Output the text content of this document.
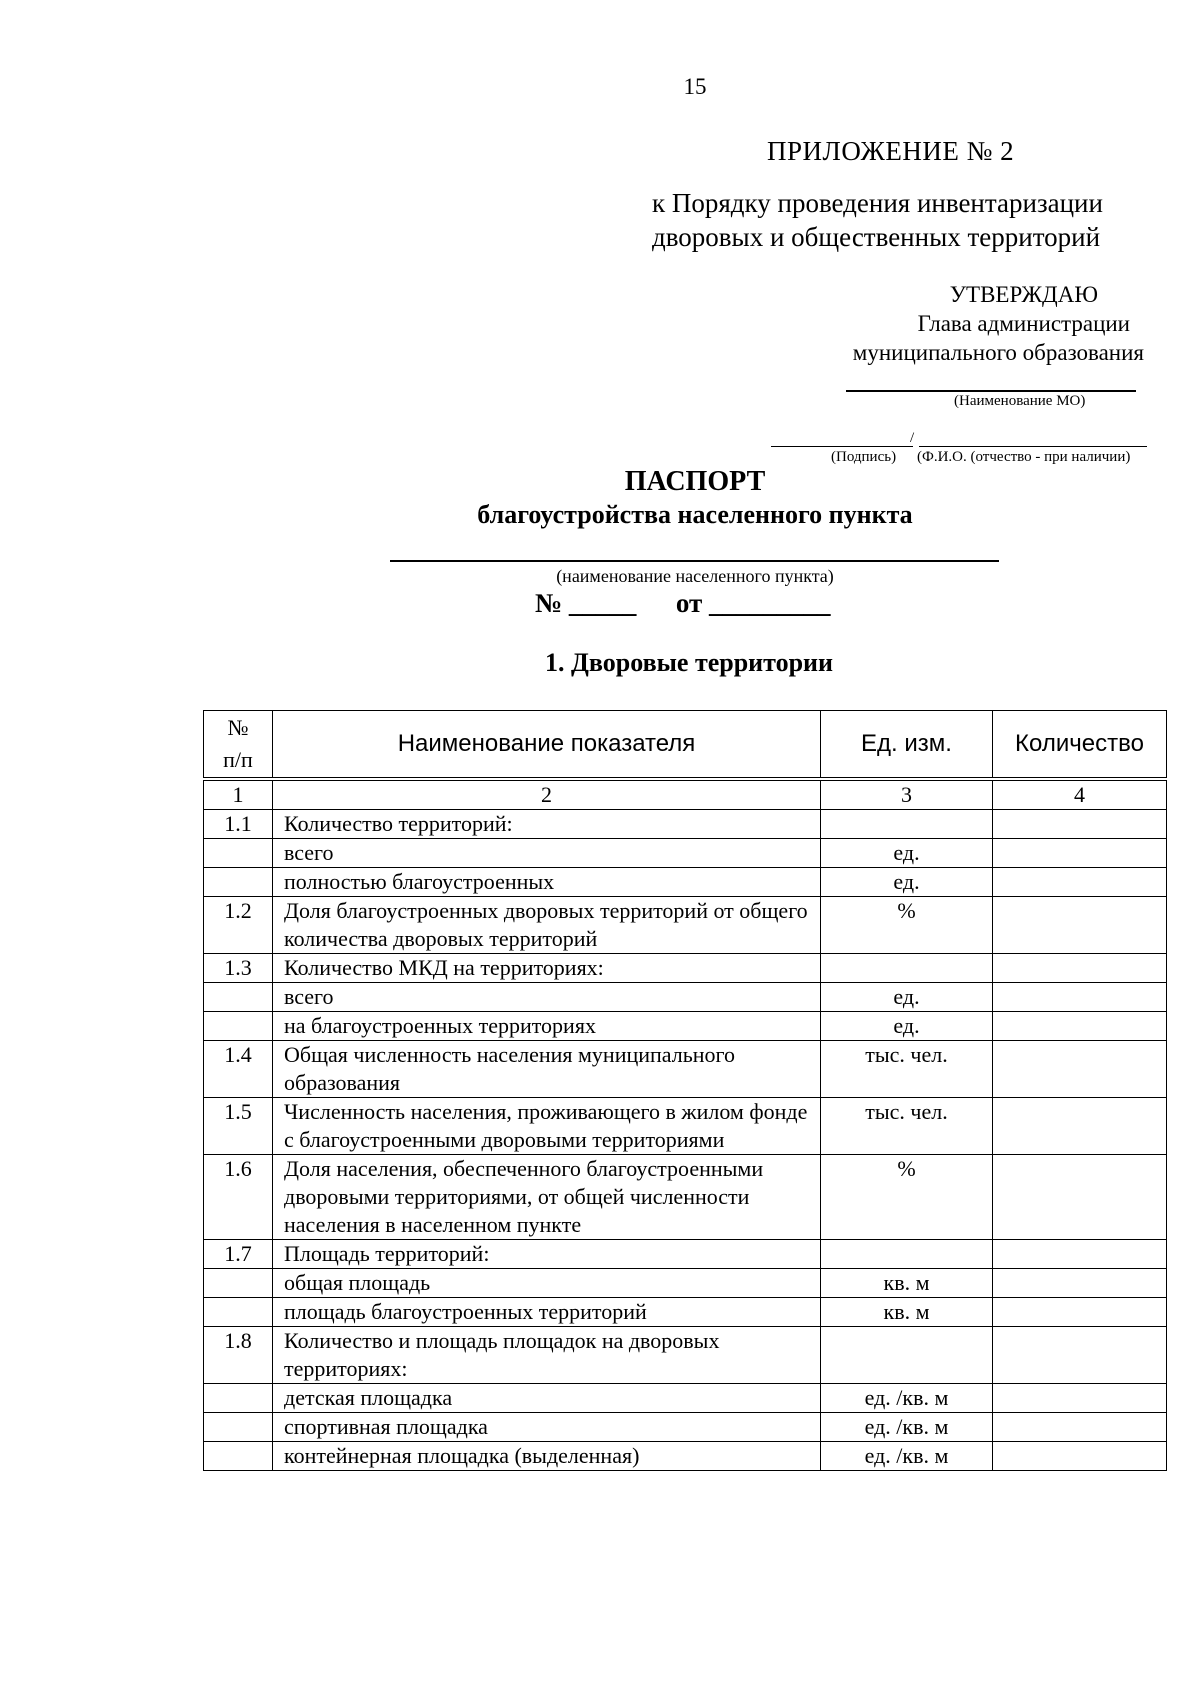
15
ПРИЛОЖЕНИЕ № 2
к Порядку проведения инвентаризации
дворовых и общественных территорий
УТВЕРЖДАЮ
Глава администрации
муниципального образования
(Наименование МО)
/
(Подпись) (Ф.И.О. (отчество - при наличии)
ПАСПОРТ
благоустройства населенного пункта
(наименование населенного пункта)
№ _____ от _________
1. Дворовые территории
№
п/п	Наименование показателя	Ед. изм.	Количество
1	2	3	4
1.1	Количество территорий:		
	всего	ед.	
	полностью благоустроенных	ед.	
1.2	Доля благоустроенных дворовых территорий от общего количества дворовых территорий	%	
1.3	Количество МКД на территориях:		
	всего	ед.	
	на благоустроенных территориях	ед.	
1.4	Общая численность населения муниципального образования	тыс. чел.	
1.5	Численность населения, проживающего в жилом фонде с благоустроенными дворовыми территориями	тыс. чел.	
1.6	Доля населения, обеспеченного благоустроенными дворовыми территориями, от общей численности населения в населенном пункте	%	
1.7	Площадь территорий:		
	общая площадь	кв. м	
	площадь благоустроенных территорий	кв. м	
1.8	Количество и площадь площадок на дворовых территориях:		
	детская площадка	ед. /кв. м	
	спортивная площадка	ед. /кв. м	
	контейнерная площадка (выделенная)	ед. /кв. м	
